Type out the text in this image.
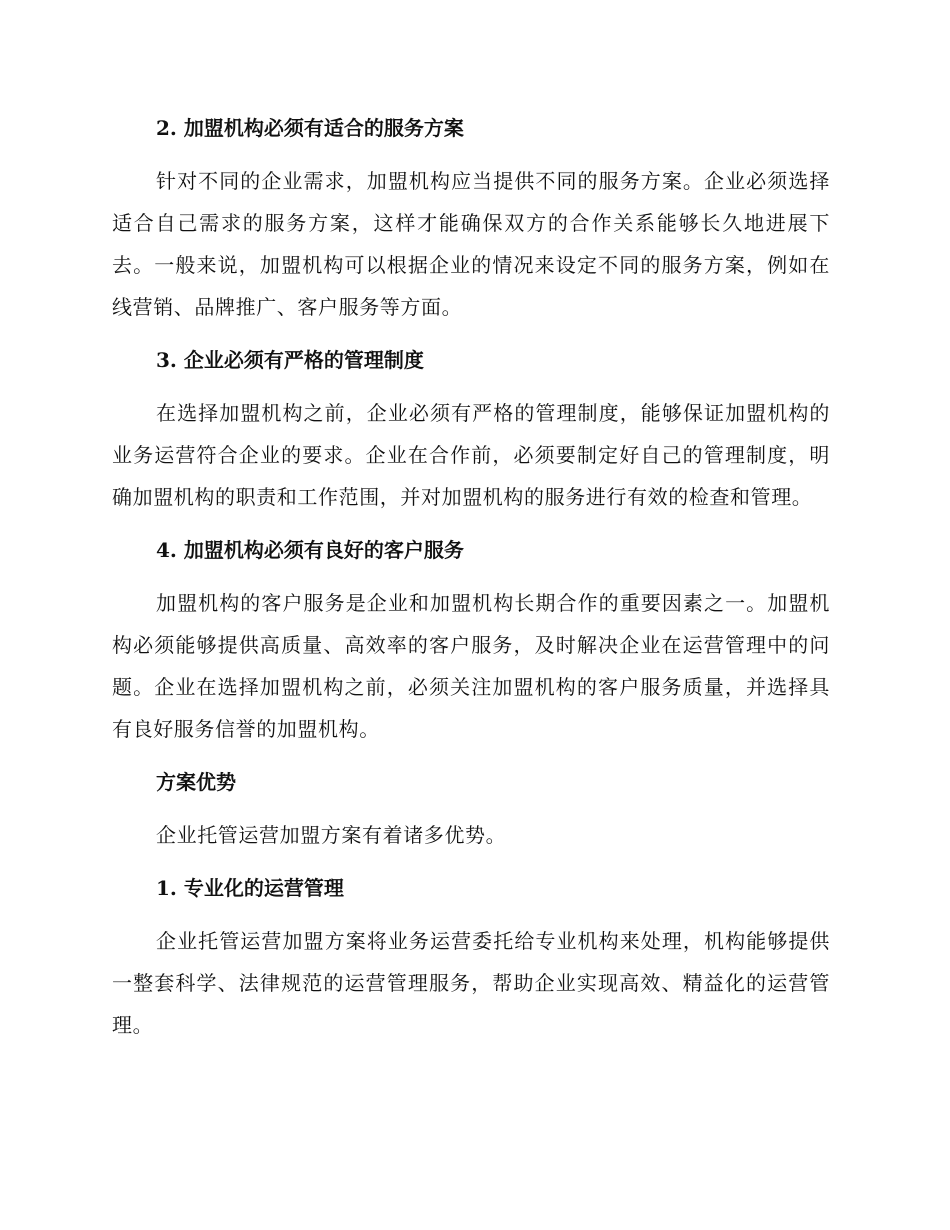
2. 加盟机构必须有适合的服务方案

针对不同的企业需求，加盟机构应当提供不同的服务方案。企业必须选择适合自己需求的服务方案，这样才能确保双方的合作关系能够长久地进展下去。一般来说，加盟机构可以根据企业的情况来设定不同的服务方案，例如在线营销、品牌推广、客户服务等方面。

3. 企业必须有严格的管理制度

在选择加盟机构之前，企业必须有严格的管理制度，能够保证加盟机构的业务运营符合企业的要求。企业在合作前，必须要制定好自己的管理制度，明确加盟机构的职责和工作范围，并对加盟机构的服务进行有效的检查和管理。

4. 加盟机构必须有良好的客户服务

加盟机构的客户服务是企业和加盟机构长期合作的重要因素之一。加盟机构必须能够提供高质量、高效率的客户服务，及时解决企业在运营管理中的问题。企业在选择加盟机构之前，必须关注加盟机构的客户服务质量，并选择具有良好服务信誉的加盟机构。

方案优势

企业托管运营加盟方案有着诸多优势。

1. 专业化的运营管理

企业托管运营加盟方案将业务运营委托给专业机构来处理，机构能够提供一整套科学、法律规范的运营管理服务，帮助企业实现高效、精益化的运营管理。
